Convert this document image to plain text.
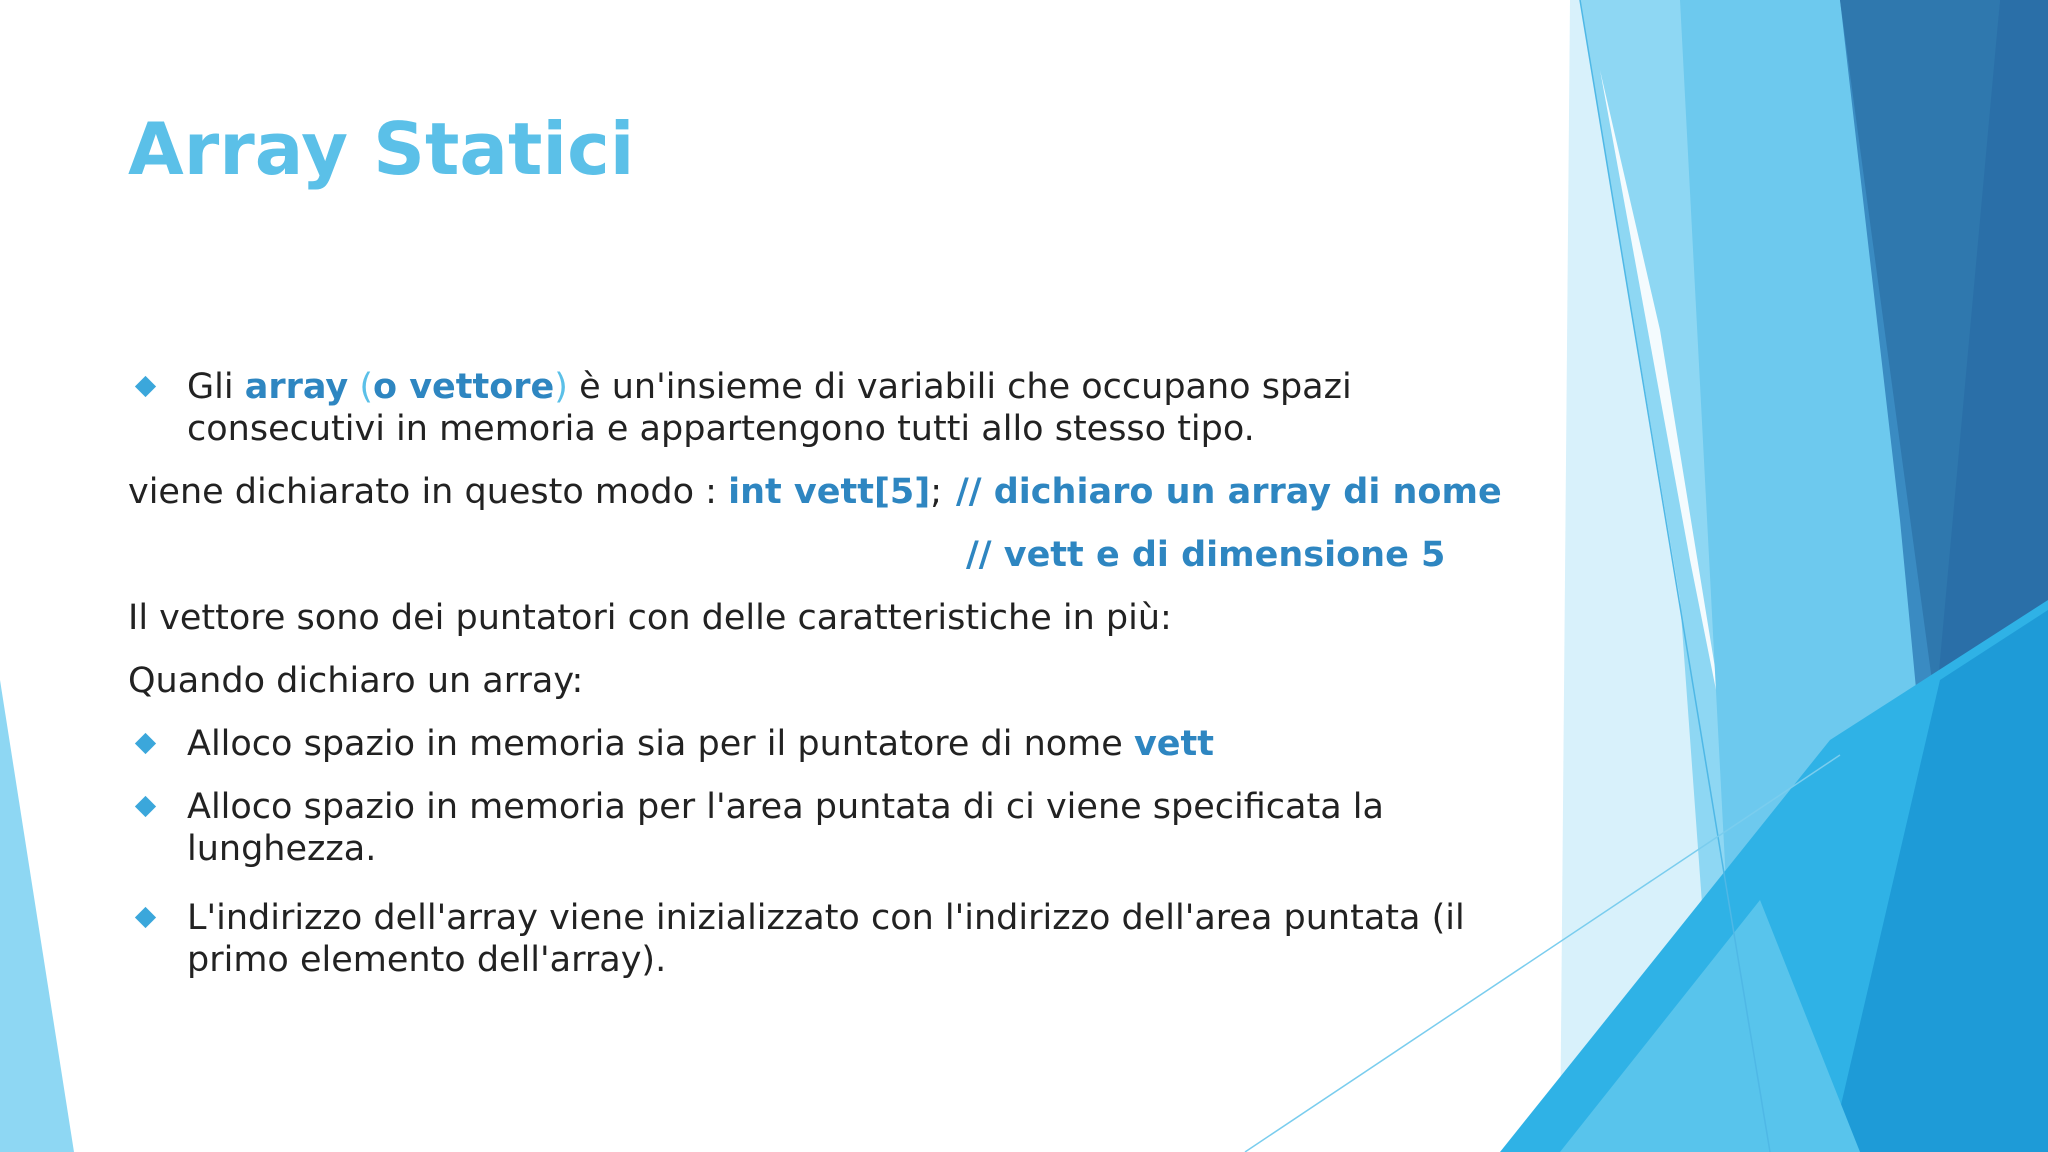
Array Statici

Gli array (o vettore) è un'insieme di variabili che occupano spazi consecutivi in memoria e appartengono tutti allo stesso tipo.

viene dichiarato in questo modo : int vett[5]; // dichiaro un array di nome

// vett e di dimensione 5

Il vettore sono dei puntatori con delle caratteristiche in più:

Quando dichiaro un array:

Alloco spazio in memoria sia per il puntatore di nome vett

Alloco spazio in memoria per l'area puntata di ci viene specificata la lunghezza.

L'indirizzo dell'array viene inizializzato con l'indirizzo dell'area puntata (il primo elemento dell'array).
